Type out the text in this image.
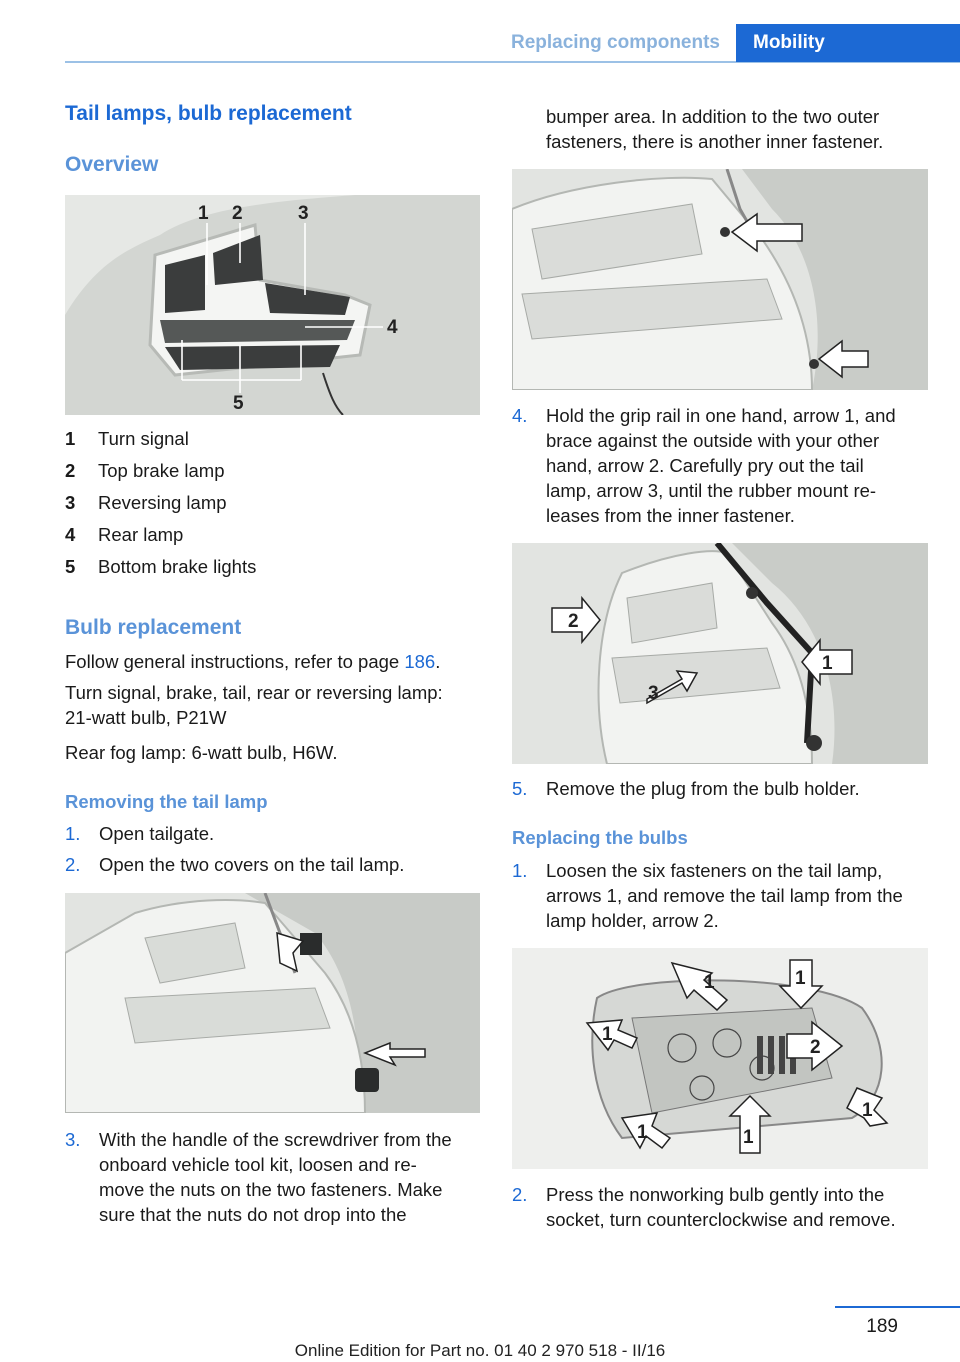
Replacing components	Mobility
Tail lamps, bulb replacement
Overview
1 2	3
4
5
1 Turn signal
2 Top brake lamp
3 Reversing lamp
4 Rear lamp
5 Bottom brake lights
Bulb replacement
Follow general instructions, refer to page 186.
Turn signal, brake, tail, rear or reversing lamp:
21-watt bulb, P21W
Rear fog lamp: 6-watt bulb, H6W.
Removing the tail lamp
1. Open tailgate.
2. Open the two covers on the tail lamp.
3. With the handle of the screwdriver from the
onboard vehicle tool kit, loosen and re‐
move the nuts on the two fasteners. Make
sure that the nuts do not drop into the
bumper area. In addition to the two outer
fasteners, there is another inner fastener.
4. Hold the grip rail in one hand, arrow 1, and
brace against the outside with your other
hand, arrow 2. Carefully pry out the tail
lamp, arrow 3, until the rubber mount re‐
leases from the inner fastener.
2
1
3
5. Remove the plug from the bulb holder.
Replacing the bulbs
1. Loosen the six fasteners on the tail lamp,
arrows 1, and remove the tail lamp from the
lamp holder, arrow 2.
1	1
1
2
1
1	1
2. Press the nonworking bulb gently into the
socket, turn counterclockwise and remove.
189
Online Edition for Part no. 01 40 2 970 518 - II/16
